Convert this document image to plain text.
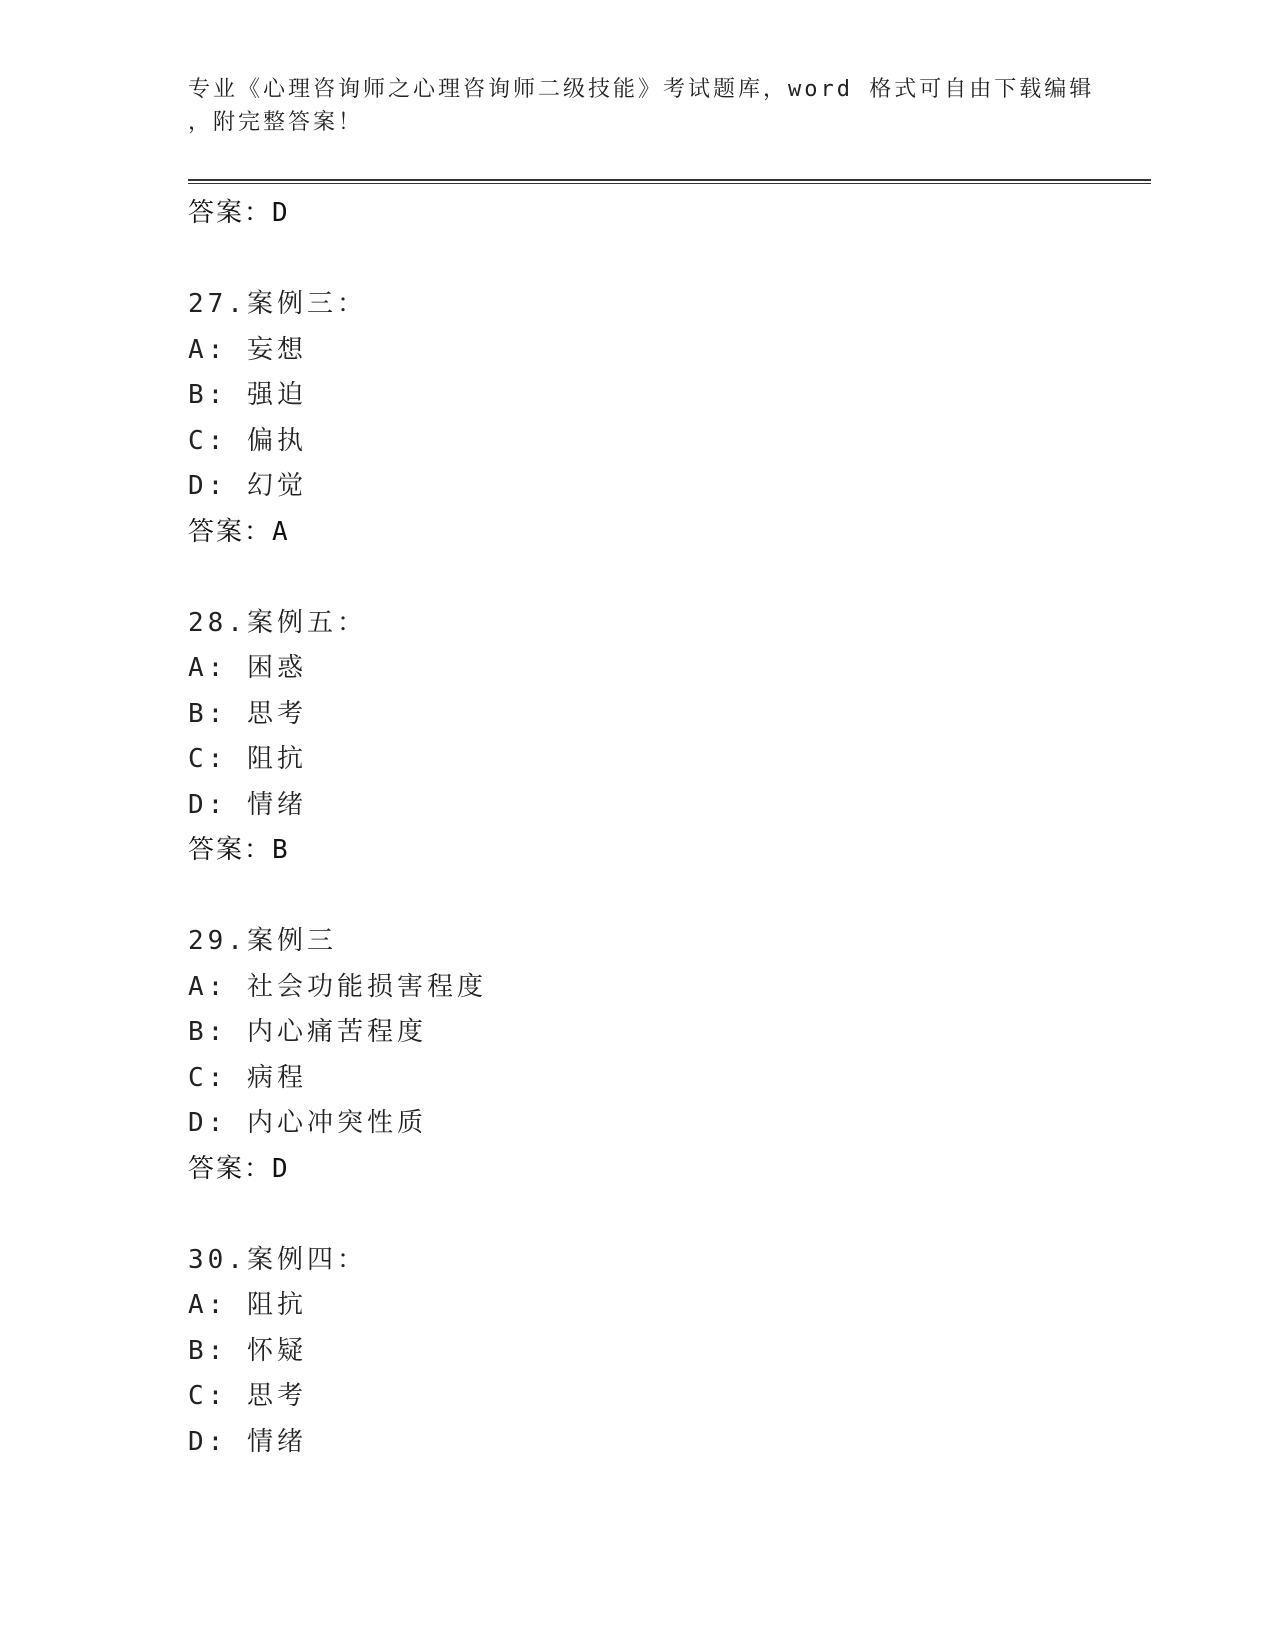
专业《心理咨询师之心理咨询师二级技能》考试题库，word 格式可自由下载编辑
，附完整答案！
答案：D
27.案例三：
A: 妄想
B: 强迫
C: 偏执
D: 幻觉
答案：A
28.案例五：
A: 困惑
B: 思考
C: 阻抗
D: 情绪
答案：B
29.案例三
A: 社会功能损害程度
B: 内心痛苦程度
C: 病程
D: 内心冲突性质
答案：D
30.案例四：
A: 阻抗
B: 怀疑
C: 思考
D: 情绪
